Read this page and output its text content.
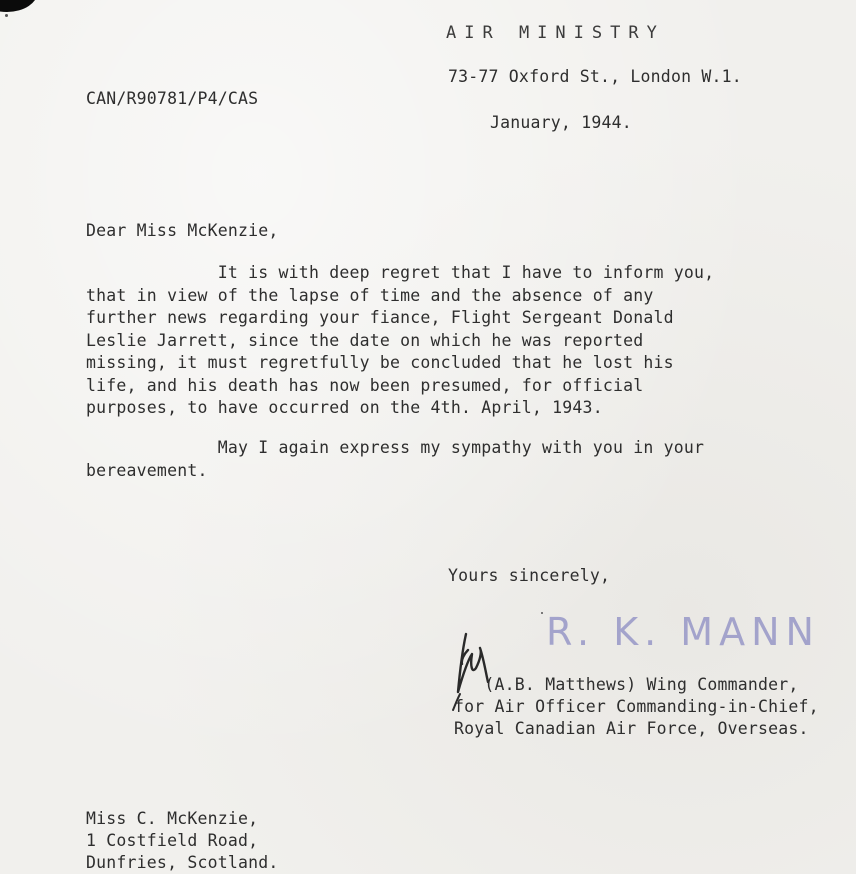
AIR MINISTRY
73-77 Oxford St., London W.1.
CAN/R90781/P4/CAS
January, 1944.
Dear Miss McKenzie,
It is with deep regret that I have to inform you,
that in view of the lapse of time and the absence of any
further news regarding your fiance, Flight Sergeant Donald
Leslie Jarrett, since the date on which he was reported
missing, it must regretfully be concluded that he lost his
life, and his death has now been presumed, for official
purposes, to have occurred on the 4th. April, 1943.
May I again express my sympathy with you in your
bereavement.
Yours sincerely,
R. K. MANN
(A.B. Matthews) Wing Commander,
for Air Officer Commanding-in-Chief,
Royal Canadian Air Force, Overseas.
Miss C. McKenzie,
1 Costfield Road,
Dunfries, Scotland.
